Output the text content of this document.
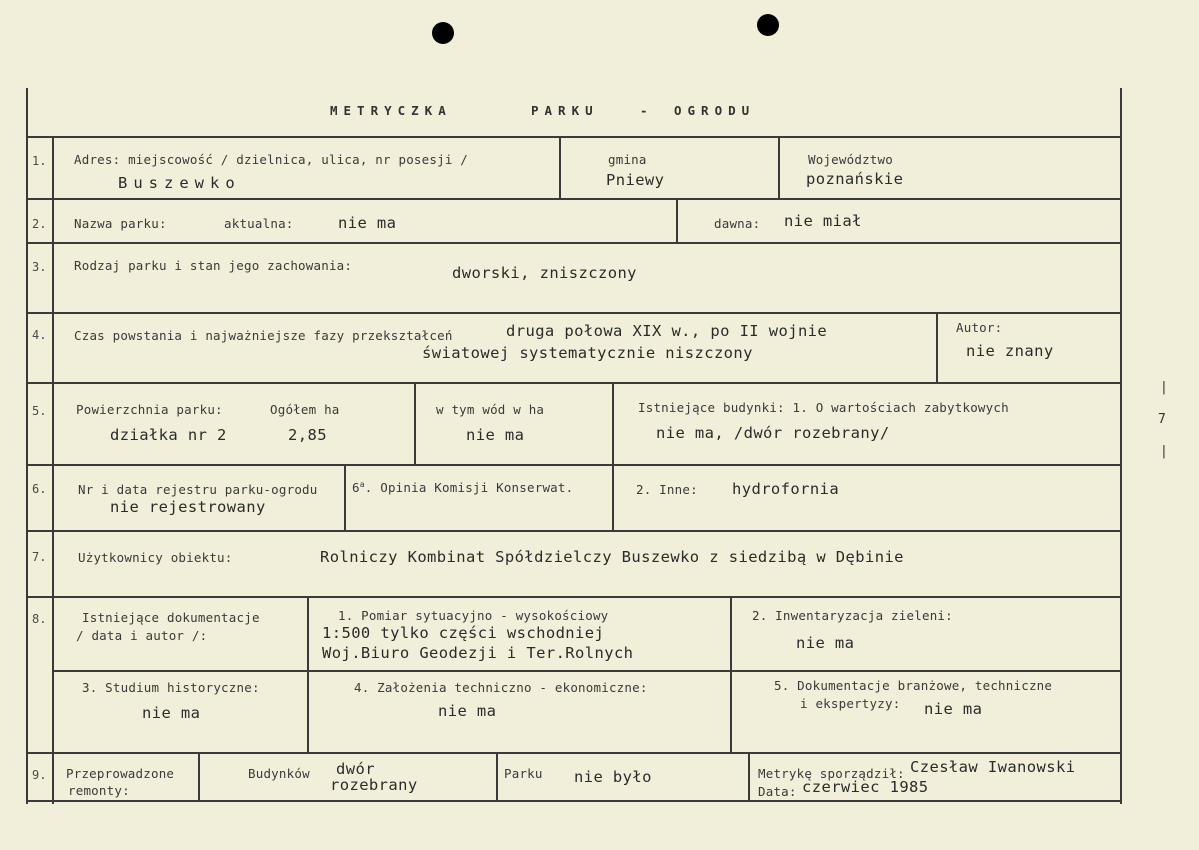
METRYCZKA	PARKU	- OGRODU
1. Adres: miejscowość / dzielnica, ulica, nr posesji /
Buszewko
gmina
Pniewy
Województwo
poznańskie
2. Nazwa parku:	aktualna:	nie ma	dawna: nie miał
3. Rodzaj parku i stan jego zachowania:	dworski, zniszczony
4. Czas powstania i najważniejsze fazy przekształceń	druga połowa XIX w., po II wojnie
światowej systematycznie niszczony
Autor:
nie znany
5. Powierzchnia parku:	Ogółem ha
działka nr 2	2,85
w tym wód w ha
nie ma
Istniejące budynki: 1. O wartościach zabytkowych
nie ma, /dwór rozebrany/
6.	Nr i data rejestru parku-ogrodu
nie rejestrowany
6$^a$. Opinia Komisji Konserwat.	2. Inne: hydrofornia
7.	Użytkownicy obiektu:	Rolniczy Kombinat Spółdzielczy Buszewko z siedzibą w Dębinie
8.	Istniejące dokumentacje
/ data i autor /:
1. Pomiar sytuacyjno - wysokościowy
1:500 tylko części wschodniej
Woj.Biuro Geodezji i Ter.Rolnych
2. Inwentaryzacja zieleni:
nie ma
3. Studium historyczne:
nie ma
4. Założenia techniczno - ekonomiczne:
nie ma
5. Dokumentacje branżowe, techniczne
i ekspertyzy: nie ma
9. Przeprowadzone
remonty:
Budynków dwór
rozebrany
Parku nie było	Metrykę sporządził: Czesław Iwanowski
Data: czerwiec 1985
|
7
|
